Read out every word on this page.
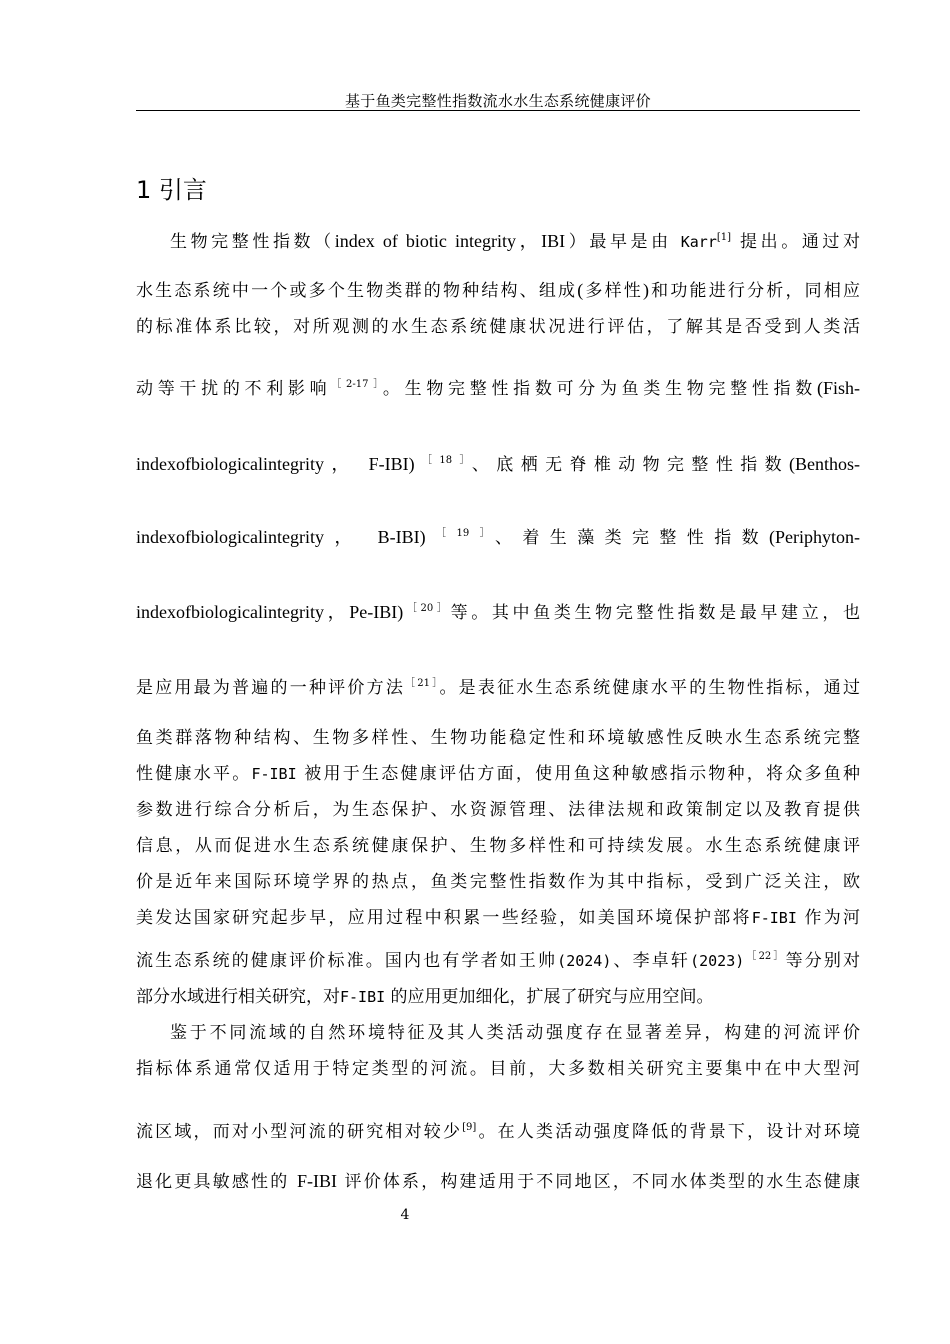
基于鱼类完整性指数流水水生态系统健康评价
1 引言
生物完整性指数（index of biotic integrity，IBI）最早是由 Karr[1] 提出。通过对
水生态系统中一个或多个生物类群的物种结构、组成(多样性)和功能进行分析，同相应
的标准体系比较，对所观测的水生态系统健康状况进行评估，了解其是否受到人类活
动等干扰的不利影响$^{[2-17]}$。生物完整性指数可分为鱼类生物完整性指数(Fish-
indexofbiologicalintegrity， F-IBI)$^{[18]}$、底栖无脊椎动物完整性指数(Benthos-
indexofbiologicalintegrity， B-IBI)$^{[19]}$、着生藻类完整性指数(Periphyton-
indexofbiologicalintegrity，Pe-IBI)$^{[20]}$等。其中鱼类生物完整性指数是最早建立，也
是应用最为普遍的一种评价方法$^{[21]}$。是表征水生态系统健康水平的生物性指标，通过
鱼类群落物种结构、生物多样性、生物功能稳定性和环境敏感性反映水生态系统完整
性健康水平。F-IBI 被用于生态健康评估方面，使用鱼这种敏感指示物种，将众多鱼种
参数进行综合分析后，为生态保护、水资源管理、法律法规和政策制定以及教育提供
信息，从而促进水生态系统健康保护、生物多样性和可持续发展。水生态系统健康评
价是近年来国际环境学界的热点，鱼类完整性指数作为其中指标，受到广泛关注，欧
美发达国家研究起步早，应用过程中积累一些经验，如美国环境保护部将F-IBI 作为河
流生态系统的健康评价标准。国内也有学者如王帅(2024)、李卓轩(2023)$^{[22]}$等分别对
部分水域进行相关研究，对F-IBI 的应用更加细化，扩展了研究与应用空间。
鉴于不同流域的自然环境特征及其人类活动强度存在显著差异，构建的河流评价
指标体系通常仅适用于特定类型的河流。目前，大多数相关研究主要集中在中大型河
流区域，而对小型河流的研究相对较少[9]。在人类活动强度降低的背景下，设计对环境
退化更具敏感性的 F-IBI 评价体系，构建适用于不同地区，不同水体类型的水生态健康
4
